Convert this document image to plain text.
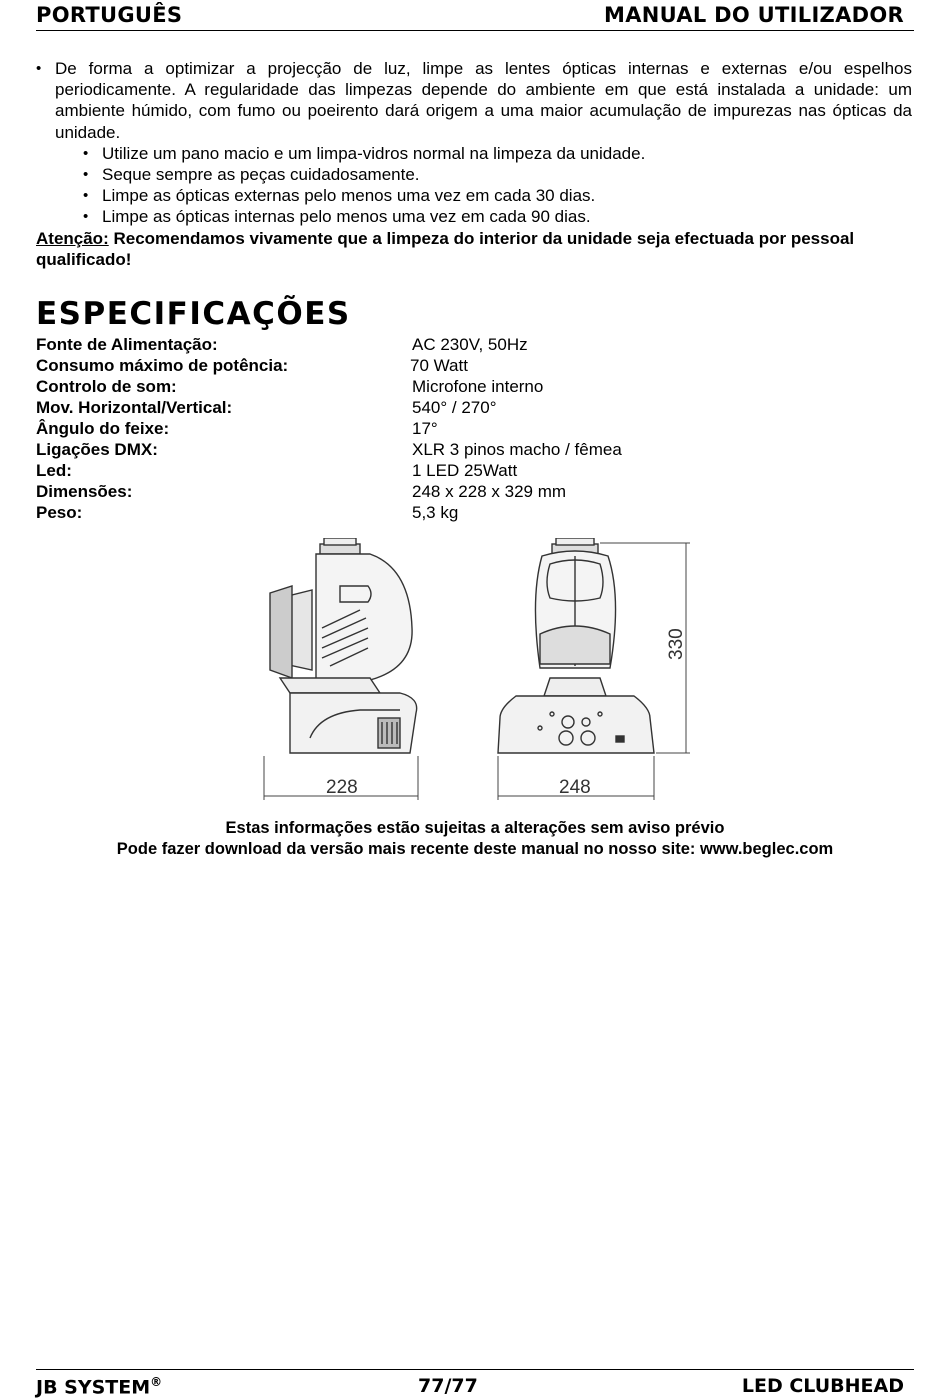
PORTUGUÊS	MANUAL DO UTILIZADOR
• De forma a optimizar a projecção de luz, limpe as lentes ópticas internas e externas e/ou espelhos periodicamente. A regularidade das limpezas depende do ambiente em que está instalada a unidade: um ambiente húmido, com fumo ou poeirento dará origem a uma maior acumulação de impurezas nas ópticas da unidade.
• Utilize um pano macio e um limpa-vidros normal na limpeza da unidade.
• Seque sempre as peças cuidadosamente.
• Limpe as ópticas externas pelo menos uma vez em cada 30 dias.
• Limpe as ópticas internas pelo menos uma vez em cada 90 dias.
Atenção: Recomendamos vivamente que a limpeza do interior da unidade seja efectuada por pessoal qualificado!
ESPECIFICAÇÕES
Fonte de Alimentação:	AC 230V, 50Hz
Consumo máximo de potência:	70 Watt
Controlo de som:	Microfone interno
Mov. Horizontal/Vertical:	540° / 270°
Ângulo do feixe:	17°
Ligações DMX:	XLR 3 pinos macho / fêmea
Led:	1 LED 25Watt
Dimensões:	248 x 228 x 329 mm
Peso:	5,3 kg
228	248
330
Estas informações estão sujeitas a alterações sem aviso prévio
Pode fazer download da versão mais recente deste manual no nosso site: www.beglec.com
JB SYSTEM®	77/77	LED CLUBHEAD
